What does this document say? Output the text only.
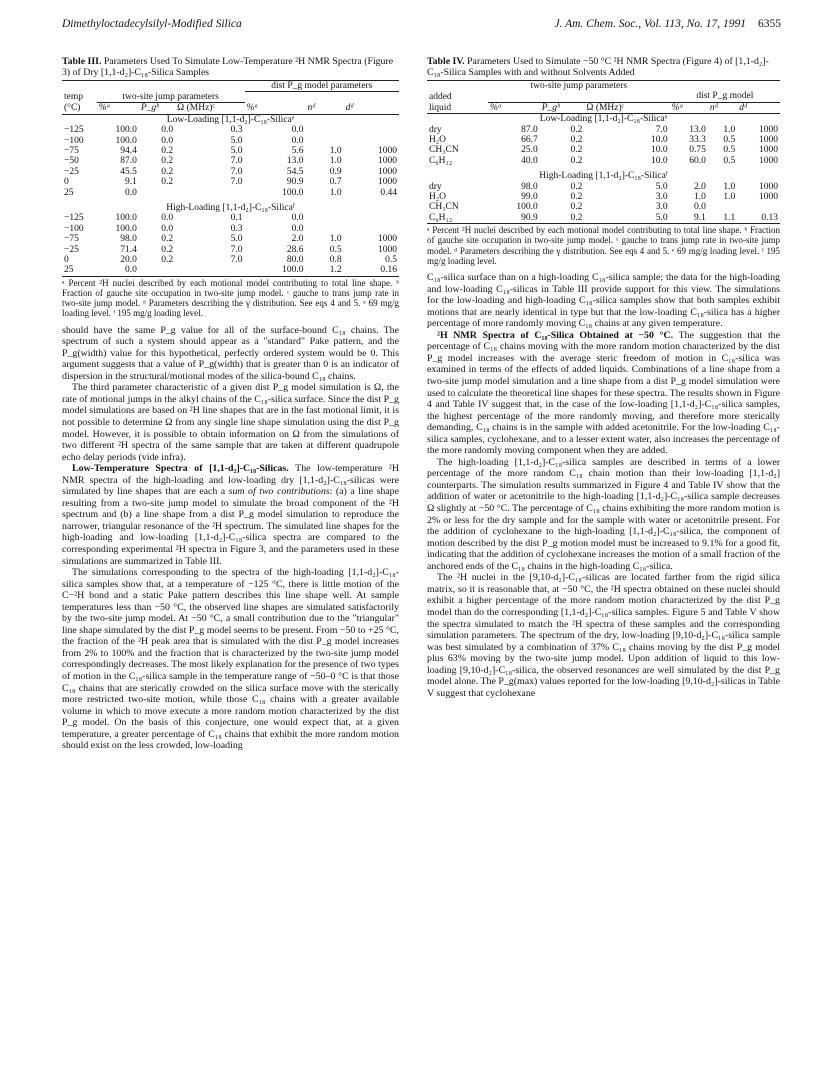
Dimethyloctadecylsilyl-Modified Silica	J. Am. Chem. Soc., Vol. 113, No. 17, 1991 6355
Table III. Parameters Used To Simulate Low-Temperature ²H NMR Spectra (Figure 3) of Dry [1,1-d₂]-C₁₈-Silica Samples
				dist P_g model parameters		
temp	two-site jump parameters					
(°C)	%ᵃ	P_gᵇ	Ω (MHz)ᶜ	%ᵃ	nᵈ	dᵈ
Low-Loading [1,1-d₂]-C₁₈-Silicaᵉ						
−125	100.0	0.0	0.3	0.0		
−100	100.0	0.0	5.0	0.0		
−75	94.4	0.2	5.0	5.6	1.0	1000
−50	87.0	0.2	7.0	13.0	1.0	1000
−25	45.5	0.2	7.0	54.5	0.9	1000
0	9.1	0.2	7.0	90.9	0.7	1000
25	0.0			100.0	1.0	0.44
High-Loading [1,1-d₂]-C₁₈-Silicaᶠ						
−125	100.0	0.0	0.1	0.0		
−100	100.0	0.0	0.3	0.0		
−75	98.0	0.2	5.0	2.0	1.0	1000
−25	71.4	0.2	7.0	28.6	0.5	1000
0	20.0	0.2	7.0	80.0	0.8	0.5
25	0.0			100.0	1.2	0.16
ᵃ Percent ²H nuclei described by each motional model contributing to total line shape. ᵇ Fraction of gauche site occupation in two-site jump model. ᶜ gauche to trans jump rate in two-site jump model. ᵈ Parameters describing the γ distribution. See eqs 4 and 5. ᵉ 69 mg/g loading level. ᶠ 195 mg/g loading level.

should have the same P_g value for all of the surface-bound C₁₈ chains. The spectrum of such a system should appear as a "standard" Pake pattern, and the P_g(width) value for this hypothetical, perfectly ordered system would be 0. This argument suggests that a value of P_g(width) that is greater than 0 is an indicator of dispersion in the structural/motional modes of the silica-bound C₁₈ chains.

The third parameter characteristic of a given dist P_g model simulation is Ω, the rate of motional jumps in the alkyl chains of the C₁₈-silica surface. Since the dist P_g model simulations are based on ²H line shapes that are in the fast motional limit, it is not possible to determine Ω from any single line shape simulation using the dist P_g model. However, it is possible to obtain information on Ω from the simulations of two different ²H spectra of the same sample that are taken at different quadrupole echo delay periods (vide infra).

Low-Temperature Spectra of [1,1-d₂]-C₁₈-Silicas. The low-temperature ²H NMR spectra of the high-loading and low-loading dry [1,1-d₂]-C₁₈-silicas were simulated by line shapes that are each a sum of two contributions: (a) a line shape resulting from a two-site jump model to simulate the broad component of the ²H spectrum and (b) a line shape from a dist P_g model simulation to reproduce the narrower, triangular resonance of the ²H spectrum. The simulated line shapes for the high-loading and low-loading [1,1-d₂]-C₁₈-silica spectra are compared to the corresponding experimental ²H spectra in Figure 3, and the parameters used in these simulations are summarized in Table III.

The simulations corresponding to the spectra of the high-loading [1,1-d₂]-C₁₈-silica samples show that, at a temperature of −125 °C, there is little motion of the C−²H bond and a static Pake pattern describes this line shape well. At sample temperatures less than −50 °C, the observed line shapes are simulated satisfactorily by the two-site jump model. At −50 °C, a small contribution due to the "triangular" line shape simulated by the dist P_g model seems to be present. From −50 to +25 °C, the fraction of the ²H peak area that is simulated with the dist P_g model increases from 2% to 100% and the fraction that is characterized by the two-site jump model correspondingly decreases. The most likely explanation for the presence of two types of motion in the C₁₈-silica sample in the temperature range of −50–0 °C is that those C₁₈ chains that are sterically crowded on the silica surface move with the sterically more restricted two-site motion, while those C₁₈ chains with a greater available volume in which to move execute a more random motion characterized by the dist P_g model. On the basis of this conjecture, one would expect that, at a given temperature, a greater percentage of C₁₈ chains that exhibit the more random motion should exist on the less crowded, low-loading

Table IV. Parameters Used to Simulate −50 °C ²H NMR Spectra (Figure 4) of [1,1-d₂]-C₁₈-Silica Samples with and without Solvents Added
	two-site jump parameters					
added				dist P_g model		
liquid	%ᵃ	P_gᵇ	Ω (MHz)ᶜ	%ᵃ	nᵈ	dᵈ
Low-Loading [1,1-d₂]-C₁₈-Silicaᵉ						
dry	87.0	0.2	7.0	13.0	1.0	1000
H₂O	66.7	0.2	10.0	33.3	0.5	1000
CH₃CN	25.0	0.2	10.0	0.75	0.5	1000
C₆H₁₂	40.0	0.2	10.0	60.0	0.5	1000
High-Loading [1,1-d₂]-C₁₈-Silicaᶠ						
dry	98.0	0.2	5.0	2.0	1.0	1000
H₂O	99.0	0.2	3.0	1.0	1.0	1000
CH₃CN	100.0	0.2	3.0	0.0		
C₆H₁₂	90.9	0.2	5.0	9.1	1.1	0.13
ᵃ Percent ²H nuclei described by each motional model contributing to total line shape. ᵇ Fraction of gauche site occupation in two-site jump model. ᶜ gauche to trans jump rate in two-site jump model. ᵈ Parameters describing the γ distribution. See eqs 4 and 5. ᵉ 69 mg/g loading level. ᶠ 195 mg/g loading level.

C₁₈-silica surface than on a high-loading C₁₈-silica sample; the data for the high-loading and low-loading C₁₈-silicas in Table III provide support for this view. The simulations for the low-loading and high-loading C₁₈-silica samples show that both samples exhibit motions that are nearly identical in type but that the low-loading C₁₈-silica has a higher percentage of more randomly moving C₁₈ chains at any given temperature.

²H NMR Spectra of C₁₈-Silica Obtained at −50 °C. The suggestion that the percentage of C₁₈ chains moving with the more random motion characterized by the dist P_g model increases with the average steric freedom of motion in C₁₈-silica was examined in terms of the effects of added liquids. Combinations of a line shape from a two-site jump model simulation and a line shape from a dist P_g model simulation were used to calculate the theoretical line shapes for these spectra. The results shown in Figure 4 and Table IV suggest that, in the case of the low-loading [1,1-d₂]-C₁₈-silica samples, the highest percentage of the more randomly moving, and therefore more sterically demanding, C₁₈ chains is in the sample with added acetonitrile. For the low-loading C₁₈-silica samples, cyclohexane, and to a lesser extent water, also increases the percentage of the more randomly moving component when they are added.

The high-loading [1,1-d₂]-C₁₈-silica samples are described in terms of a lower percentage of the more random C₁₈ chain motion than their low-loading [1,1-d₂] counterparts. The simulation results summarized in Figure 4 and Table IV show that the addition of water or acetonitrile to the high-loading [1,1-d₂]-C₁₈-silica sample decreases Ω slightly at −50 °C. The percentage of C₁₈ chains exhibiting the more random motion is 2% or less for the dry sample and for the sample with water or acetonitrile present. For the addition of cyclohexane to the high-loading [1,1-d₂]-C₁₈-silica, the component of motion described by the dist P_g motion model must be increased to 9.1% for a good fit, indicating that the addition of cyclohexane increases the motion of a small fraction of the anchored ends of the C₁₈ chains in the high-loading C₁₈-silica.

The ²H nuclei in the [9,10-d₂]-C₁₈-silicas are located farther from the rigid silica matrix, so it is reasonable that, at −50 °C, the ²H spectra obtained on these nuclei should exhibit a higher percentage of the more random motion characterized by the dist P_g model than do the corresponding [1,1-d₂]-C₁₈-silica samples. Figure 5 and Table V show the spectra simulated to match the ²H spectra of these samples and the corresponding simulation parameters. The spectrum of the dry, low-loading [9,10-d₂]-C₁₈-silica sample was best simulated by a combination of 37% C₁₈ chains moving by the dist P_g model plus 63% moving by the two-site jump model. Upon addition of liquid to this low-loading [9,10-d₂]-C₁₈-silica, the observed resonances are well simulated by the dist P_g model alone. The P_g(max) values reported for the low-loading [9,10-d₂]-silicas in Table V suggest that cyclohexane
